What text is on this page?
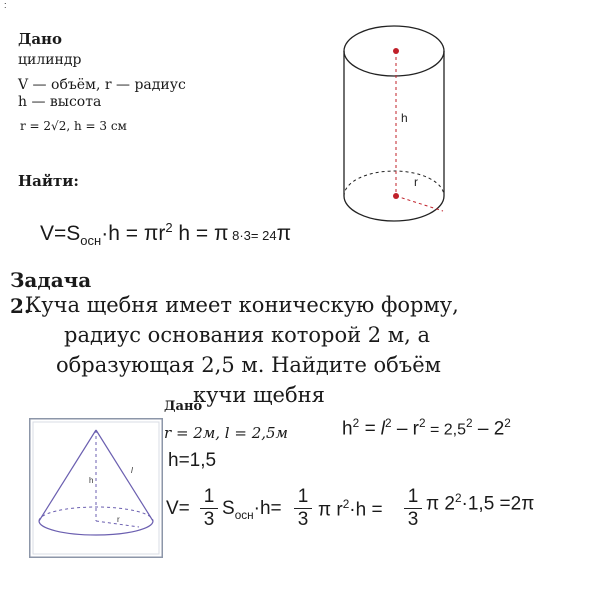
:
Дано
цилиндр
V — объём, r — радиус
h — высота
r = 2√2, h = 3 см
Найти:
$V=S_{осн}\cdot h = \pi r^2$ h = π 8·3= 24π
h
r
Задача
2.
Куча щебня имеет коническую форму,
радиус основания которой 2 м, а
образующая 2,5 м. Найдите объём
кучи щебня
Дано
r = 2м, l = 2,5м	$h^2 = l^2 - r^2 = 2,5^2 - 2^2$
h=1,5
h
l
r
V=
1
3
$S_{осн}\cdot h=$
1
3 π $r^2\cdot h$ =
1
3
π $2^2\cdot 1,5 =2\pi$
